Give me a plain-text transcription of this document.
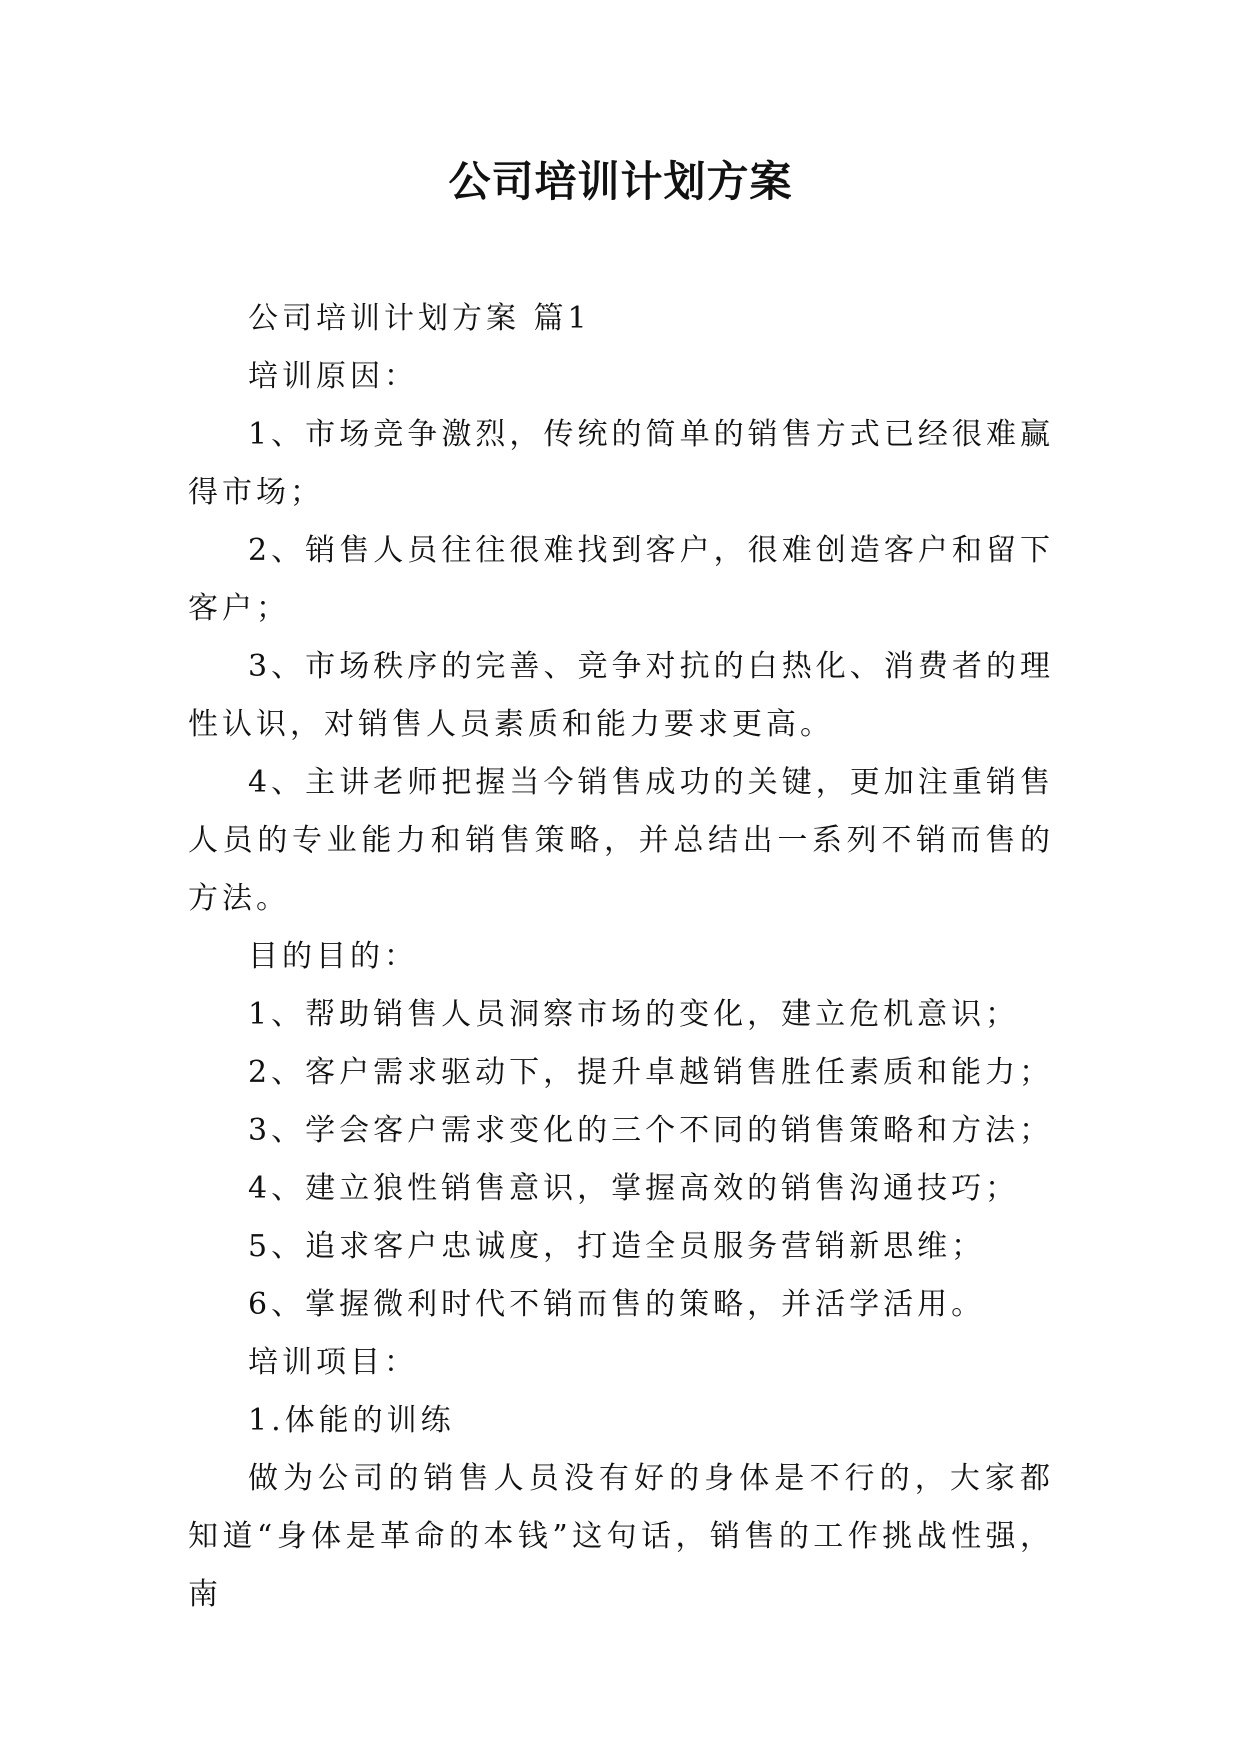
公司培训计划方案

公司培训计划方案 篇1

培训原因：

1、市场竞争激烈，传统的简单的销售方式已经很难赢得市场；

2、销售人员往往很难找到客户，很难创造客户和留下客户；

3、市场秩序的完善、竞争对抗的白热化、消费者的理性认识，对销售人员素质和能力要求更高。

4、主讲老师把握当今销售成功的关键，更加注重销售人员的专业能力和销售策略，并总结出一系列不销而售的方法。

目的目的：

1、帮助销售人员洞察市场的变化，建立危机意识；

2、客户需求驱动下，提升卓越销售胜任素质和能力；

3、学会客户需求变化的三个不同的销售策略和方法；

4、建立狼性销售意识，掌握高效的销售沟通技巧；

5、追求客户忠诚度，打造全员服务营销新思维；

6、掌握微利时代不销而售的策略，并活学活用。

培训项目：

1.体能的训练

做为公司的销售人员没有好的身体是不行的，大家都知道“身体是革命的本钱”这句话，销售的工作挑战性强，南
